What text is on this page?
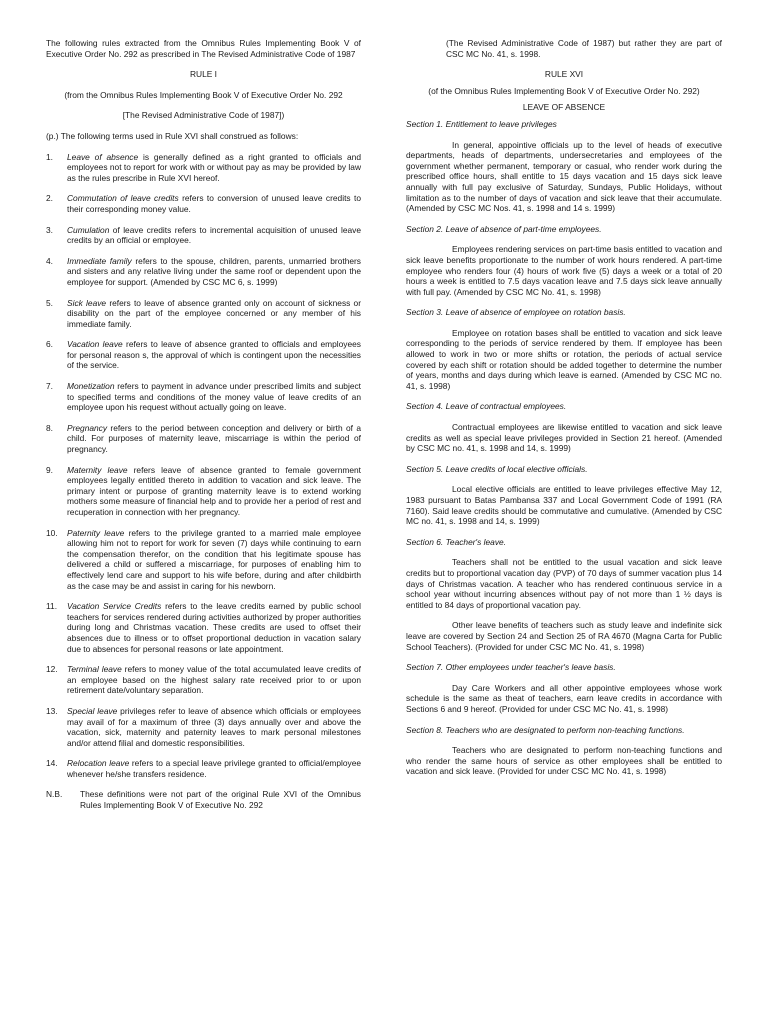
The following rules extracted from the Omnibus Rules Implementing Book V of Executive Order No. 292 as prescribed in The Revised Administrative Code of 1987

RULE I

(from the Omnibus Rules Implementing Book V of Executive Order No. 292

[The Revised Administrative Code of 1987])

(p.) The following terms used in Rule XVI shall construed as follows:

1.	Leave of absence is generally defined as a right granted to officials and employees not to report for work with or without pay as may be provided by law as the rules prescribe in Rule XVI hereof.
2.	Commutation of leave credits refers to conversion of unused leave credits to their corresponding money value.
3.	Cumulation of leave credits refers to incremental acquisition of unused leave credits by an official or employee.
4.	Immediate family refers to the spouse, children, parents, unmarried brothers and sisters and any relative living under the same roof or dependent upon the employee for support. (Amended by CSC MC 6, s. 1999)
5.	Sick leave refers to leave of absence granted only on account of sickness or disability on the part of the employee concerned or any member of his immediate family.
6.	Vacation leave refers to leave of absence granted to officials and employees for personal reason s, the approval of which is contingent upon the necessities of the service.
7.	Monetization refers to payment in advance under prescribed limits and subject to specified terms and conditions of the money value of leave credits of an employee upon his request without actually going on leave.
8.	Pregnancy refers to the period between conception and delivery or birth of a child. For purposes of maternity leave, miscarriage is within the period of pregnancy.
9.	Maternity leave refers leave of absence granted to female government employees legally entitled thereto in addition to vacation and sick leave. The primary intent or purpose of granting maternity leave is to extend working mothers some measure of financial help and to provide her a period of rest and recuperation in connection with her pregnancy.
10.	Paternity leave refers to the privilege granted to a married male employee allowing him not to report for work for seven (7) days while continuing to earn the compensation therefor, on the condition that his legitimate spouse has delivered a child or suffered a miscarriage, for purposes of enabling him to effectively lend care and support to his wife before, during and after childbirth as the case may be and assist in caring for his newborn.
11.	Vacation Service Credits refers to the leave credits earned by public school teachers for services rendered during activities authorized by proper authorities during long and Christmas vacation. These credits are used to offset their absences due to illness or to offset proportional deduction in vacation salary due to absences for personal reasons or late appointment.
12.	Terminal leave refers to money value of the total accumulated leave credits of an employee based on the highest salary rate received prior to or upon retirement date/voluntary separation.
13.	Special leave privileges refer to leave of absence which officials or employees may avail of for a maximum of three (3) days annually over and above the vacation, sick, maternity and paternity leaves to mark personal milestones and/or attend filial and domestic responsibilities.
14.	Relocation leave refers to a special leave privilege granted to official/employee whenever he/she transfers residence.
N.B.	These definitions were not part of the original Rule XVI of the Omnibus Rules Implementing Book V of Executive No. 292

(The Revised Administrative Code of 1987) but rather they are part of CSC MC No. 41, s. 1998.

RULE XVI

(of the Omnibus Rules Implementing Book V of Executive Order No. 292)

LEAVE OF ABSENCE

Section 1. Entitlement to leave privileges

In general, appointive officials up to the level of heads of executive departments, heads of departments, undersecretaries and employees of the government whether permanent, temporary or casual, who render work during the prescribed office hours, shall entitle to 15 days vacation and 15 days sick leave annually with full pay exclusive of Saturday, Sundays, Public Holidays, without limitation as to the number of days of vacation and sick leave that their accumulate. (Amended by CSC MC Nos. 41, s. 1998 and 14 s. 1999)

Section 2. Leave of absence of part-time employees.

Employees rendering services on part-time basis entitled to vacation and sick leave benefits proportionate to the number of work hours rendered. A part-time employee who renders four (4) hours of work five (5) days a week or a total of 20 hours a week is entitled to 7.5 days vacation leave and 7.5 days sick leave annually with full pay. (Amended by CSC MC No. 41, s. 1998)

Section 3. Leave of absence of employee on rotation basis.

Employee on rotation bases shall be entitled to vacation and sick leave corresponding to the periods of service rendered by them. If employee has been allowed to work in two or more shifts or rotation, the periods of actual service covered by each shift or rotation should be added together to determine the number of years, months and days during which leave is earned. (Amended by CSC MC no. 41, s. 1998)

Section 4. Leave of contractual employees.

Contractual employees are likewise entitled to vacation and sick leave credits as well as special leave privileges provided in Section 21 hereof. (Amended by CSC MC no. 41, s. 1998 and 14, s. 1999)

Section 5. Leave credits of local elective officials.

Local elective officials are entitled to leave privileges effective May 12, 1983 pursuant to Batas Pambansa 337 and Local Government Code of 1991 (RA 7160). Said leave credits should be commutative and cumulative. (Amended by CSC MC no. 41, s. 1998 and 14, s. 1999)

Section 6. Teacher's leave.

Teachers shall not be entitled to the usual vacation and sick leave credits but to proportional vacation day (PVP) of 70 days of summer vacation plus 14 days of Christmas vacation. A teacher who has rendered continuous service in a school year without incurring absences without pay of not more than 1 ½ days is entitled to 84 days of proportional vacation pay.

Other leave benefits of teachers such as study leave and indefinite sick leave are covered by Section 24 and Section 25 of RA 4670 (Magna Carta for Public School Teachers). (Provided for under CSC MC No. 41, s. 1998)

Section 7. Other employees under teacher's leave basis.

Day Care Workers and all other appointive employees whose work schedule is the same as theat of teachers, earn leave credits in accordance with Sections 6 and 9 hereof. (Provided for under CSC MC No. 41, s. 1998)

Section 8. Teachers who are designated to perform non-teaching functions.

Teachers who are designated to perform non-teaching functions and who render the same hours of service as other employees shall be entitled to vacation and sick leave. (Provided for under CSC MC No. 41, s. 1998)
